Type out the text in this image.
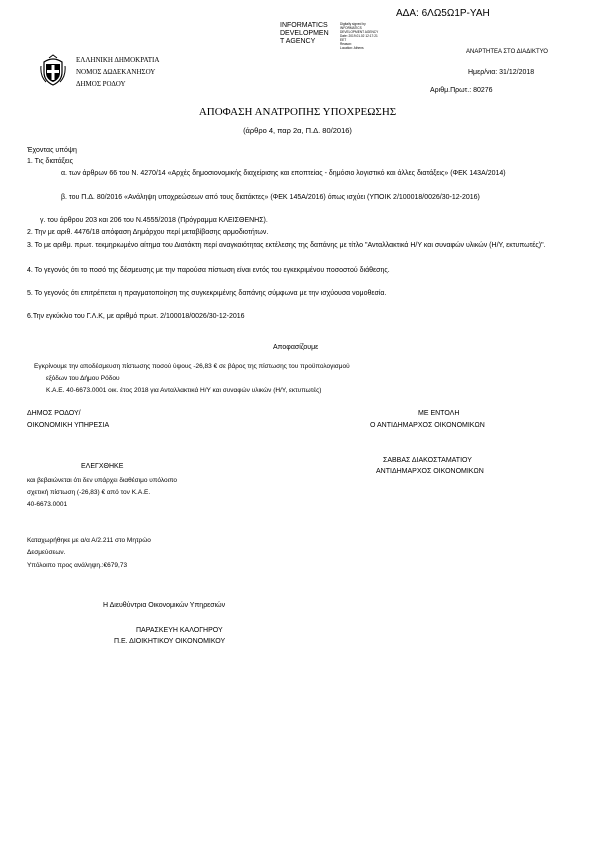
ΑΔΑ: 6ΛΩ5Ω1Ρ-ΥΑΗ
INFORMATICS
DEVELOPMEN
T AGENCY
Digitally signed by
INFORMATICS
DEVELOPMENT AGENCY
Date: 2019.01.02 12:17:21
EET
Reason:
Location: Athens
ΑΝΑΡΤΗΤΕΑ ΣΤΟ ΔΙΑΔΙΚΤΥΟ
Ημερ/νια: 31/12/2018
Αριθμ.Πρωτ.: 80276
ΕΛΛΗΝΙΚΗ ΔΗΜΟΚΡΑΤΙΑ
ΝΟΜΟΣ ΔΩΔΕΚΑΝΗΣΟΥ
ΔΗΜΟΣ ΡΟΔΟΥ
ΑΠΟΦΑΣΗ ΑΝΑΤΡΟΠΗΣ ΥΠΟΧΡΕΩΣΗΣ
(άρθρο 4, παρ 2α, Π.Δ. 80/2016)
Έχοντας υπόψη
1. Τις διατάξεις
α. των άρθρων 66 του Ν. 4270/14 «Αρχές δημοσιονομικής διαχείρισης και εποπτείας - δημόσιο λογιστικό και άλλες διατάξεις» (ΦΕΚ 143Α/2014)
β. του Π.Δ. 80/2016 «Ανάληψη υποχρεώσεων από τους διατάκτες» (ΦΕΚ 145Α/2016) όπως ισχύει (ΥΠΟΙΚ 2/100018/0026/30-12-2016)
γ. του άρθρου 203 και 206 του Ν.4555/2018 (Πρόγραμμα ΚΛΕΙΣΘΕΝΗΣ).
2. Την με αριθ. 4476/18 απόφαση Δημάρχου περί μεταβίβασης αρμοδιοτήτων.
3. Το με αριθμ. πρωτ. τεκμηριωμένο αίτημα του Διατάκτη περί αναγκαιότητας εκτέλεσης της δαπάνης με τίτλο "Ανταλλακτικά Η/Υ και συναφών υλικών (Η/Υ, εκτυπωτές)".
4. Το γεγονός ότι το ποσό της δέσμευσης με την παρούσα πίστωση είναι εντός του εγκεκριμένου ποσοστού διάθεσης.
5. Το γεγονός ότι επιτρέπεται η πραγματοποίηση της συγκεκριμένης δαπάνης σύμφωνα με την ισχύουσα νομοθεσία.
6.Την εγκύκλιο του Γ.Λ.Κ, με αριθμό πρωτ. 2/100018/0026/30-12-2016
Αποφασίζουμε
Εγκρίνουμε την αποδέσμευση πίστωσης ποσού ύψους -26,83 € σε βάρος της πίστωσης του προϋπολογισμού
εξόδων του Δήμου Ρόδου
Κ.Α.Ε. 40-6673.0001 οικ. έτος 2018 για Ανταλλακτικά Η/Υ και συναφών υλικών (Η/Υ, εκτυπωτές)
ΔΗΜΟΣ ΡΟΔΟΥ/
ΟΙΚΟΝΟΜΙΚΗ ΥΠΗΡΕΣΙΑ
ΜΕ ΕΝΤΟΛΗ
Ο ΑΝΤΙΔΗΜΑΡΧΟΣ ΟΙΚΟΝΟΜΙΚΩΝ
ΣΑΒΒΑΣ ΔΙΑΚΟΣΤΑΜΑΤΙΟΥ
ΑΝΤΙΔΗΜΑΡΧΟΣ ΟΙΚΟΝΟΜΙΚΩΝ
ΕΛΕΓΧΘΗΚΕ
και βεβαιώνεται ότι δεν υπάρχει διαθέσιμο υπόλοιπο
σχετική πίστωση (-26,83) € από τον Κ.Α.Ε.
40-6673.0001
Καταχωρήθηκε με α/α Α/2.211 στο Μητρώο
Δεσμεύσεων.
Υπόλοιπο προς ανάληψη.:€679,73
Η Διευθύντρια Οικονομικών Υπηρεσιών
ΠΑΡΑΣΚΕΥΗ ΚΑΛΟΓΗΡΟΥ
Π.Ε. ΔΙΟΙΚΗΤΙΚΟΥ ΟΙΚΟΝΟΜΙΚΟΥ
